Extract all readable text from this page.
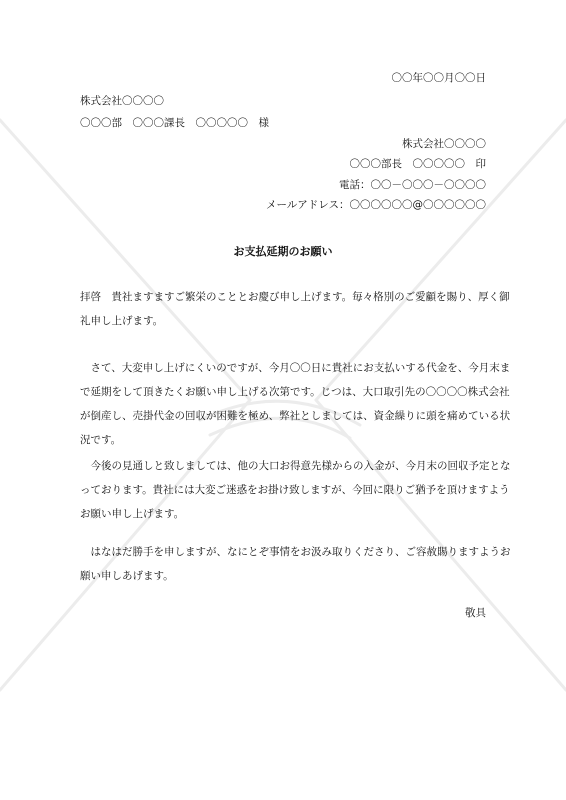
〇〇年〇〇月〇〇日
株式会社〇〇〇〇
〇〇〇部　〇〇〇課長　〇〇〇〇〇　様
株式会社〇〇〇〇
〇〇〇部長　〇〇〇〇〇　印
電話：〇〇－〇〇〇－〇〇〇〇
メールアドレス：〇〇〇〇〇〇@〇〇〇〇〇〇
お支払延期のお願い
拝啓　貴社ますますご繁栄のこととお慶び申し上げます。毎々格別のご愛顧を賜り、厚く御
礼申し上げます。
　さて、大変申し上げにくいのですが、今月〇〇日に貴社にお支払いする代金を、今月末ま
で延期をして頂きたくお願い申し上げる次第です。じつは、大口取引先の〇〇〇〇株式会社
が倒産し、売掛代金の回収が困難を極め、弊社としましては、資金繰りに頭を痛めている状
況です。
　今後の見通しと致しましては、他の大口お得意先様からの入金が、今月末の回収予定とな
っております。貴社には大変ご迷惑をお掛け致しますが、今回に限りご猶予を頂けますよう
お願い申し上げます。
　はなはだ勝手を申しますが、なにとぞ事情をお汲み取りくださり、ご容赦賜りますようお
願い申しあげます。
敬具
